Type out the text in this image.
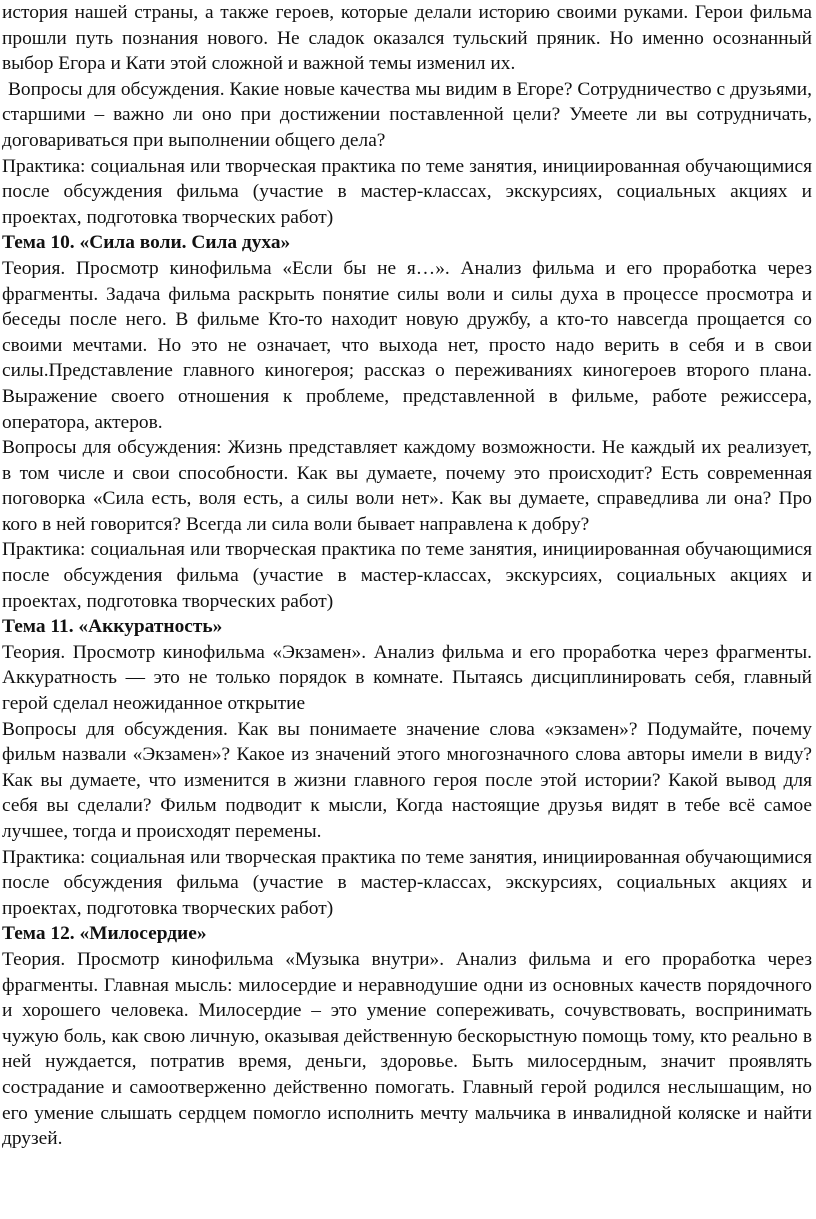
история нашей страны, а также героев, которые делали историю своими руками. Герои фильма прошли путь познания нового. Не сладок оказался тульский пряник. Но именно осознанный выбор Егора и Кати этой сложной и важной темы изменил их.

Вопросы для обсуждения. Какие новые качества мы видим в Егоре? Сотрудничество с друзьями, старшими – важно ли оно при достижении поставленной цели? Умеете ли вы сотрудничать, договариваться при выполнении общего дела?

Практика: социальная или творческая практика по теме занятия, инициированная обучающимися после обсуждения фильма (участие в мастер-классах, экскурсиях, социальных акциях и проектах, подготовка творческих работ)

Тема 10. «Сила воли. Сила духа»

Теория. Просмотр кинофильма «Если бы не я…». Анализ фильма и его проработка через фрагменты. Задача фильма раскрыть понятие силы воли и силы духа в процессе просмотра и беседы после него. В фильме Кто-то находит новую дружбу, а кто-то навсегда прощается со своими мечтами. Но это не означает, что выхода нет, просто надо верить в себя и в свои силы.Представление главного киногероя; рассказ о переживаниях киногероев второго плана. Выражение своего отношения к проблеме, представленной в фильме, работе режиссера, оператора, актеров.

Вопросы для обсуждения: Жизнь представляет каждому возможности. Не каждый их реализует, в том числе и свои способности. Как вы думаете, почему это происходит? Есть современная поговорка «Сила есть, воля есть, а силы воли нет». Как вы думаете, справедлива ли она? Про кого в ней говорится? Всегда ли сила воли бывает направлена к добру?

Практика: социальная или творческая практика по теме занятия, инициированная обучающимися после обсуждения фильма (участие в мастер-классах, экскурсиях, социальных акциях и проектах, подготовка творческих работ)

Тема 11. «Аккуратность»

Теория. Просмотр кинофильма «Экзамен». Анализ фильма и его проработка через фрагменты. Аккуратность — это не только порядок в комнате. Пытаясь дисциплинировать себя, главный герой сделал неожиданное открытие

Вопросы для обсуждения. Как вы понимаете значение слова «экзамен»? Подумайте, почему фильм назвали «Экзамен»? Какое из значений этого многозначного слова авторы имели в виду? Как вы думаете, что изменится в жизни главного героя после этой истории? Какой вывод для себя вы сделали? Фильм подводит к мысли, Когда настоящие друзья видят в тебе всё самое лучшее, тогда и происходят перемены.

Практика: социальная или творческая практика по теме занятия, инициированная обучающимися после обсуждения фильма (участие в мастер-классах, экскурсиях, социальных акциях и проектах, подготовка творческих работ)

Тема 12. «Милосердие»

Теория. Просмотр кинофильма «Музыка внутри». Анализ фильма и его проработка через фрагменты. Главная мысль: милосердие и неравнодушие одни из основных качеств порядочного и хорошего человека. Милосердие – это умение сопереживать, сочувствовать, воспринимать чужую боль, как свою личную, оказывая действенную бескорыстную помощь тому, кто реально в ней нуждается, потратив время, деньги, здоровье. Быть милосердным, значит проявлять сострадание и самоотверженно действенно помогать. Главный герой родился неслышащим, но его умение слышать сердцем помогло исполнить мечту мальчика в инвалидной коляске и найти друзей.
